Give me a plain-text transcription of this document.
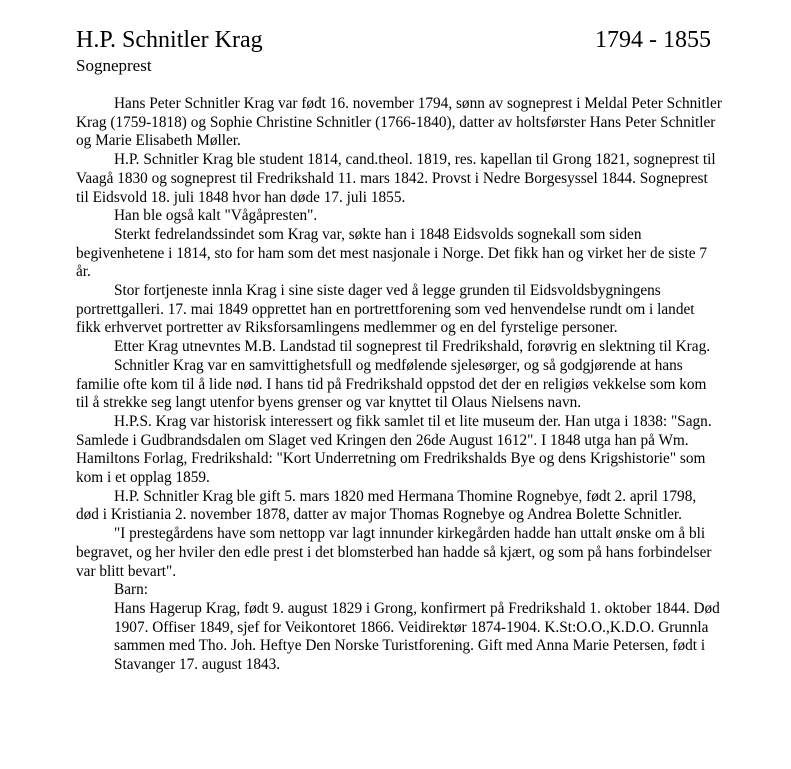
H.P. Schnitler Krag	1794 - 1855
Sogneprest

Hans Peter Schnitler Krag var født 16. november 1794, sønn av sogneprest i Meldal Peter Schnitler Krag (1759-1818) og Sophie Christine Schnitler (1766-1840), datter av holtsførster Hans Peter Schnitler og Marie Elisabeth Møller.

H.P. Schnitler Krag ble student 1814, cand.theol. 1819, res. kapellan til Grong 1821, sogneprest til Vaagå 1830 og sogneprest til Fredrikshald 11. mars 1842. Provst i Nedre Borgesyssel 1844. Sogneprest til Eidsvold 18. juli 1848 hvor han døde 17. juli 1855.

Han ble også kalt "Vågåpresten".

Sterkt fedrelandssindet som Krag var, søkte han i 1848 Eidsvolds sognekall som siden begivenhetene i 1814, sto for ham som det mest nasjonale i Norge. Det fikk han og virket her de siste 7 år.

Stor fortjeneste innla Krag i sine siste dager ved å legge grunden til Eidsvoldsbygningens portrettgalleri. 17. mai 1849 opprettet han en portrettforening som ved henvendelse rundt om i landet fikk erhvervet portretter av Riksforsamlingens medlemmer og en del fyrstelige personer.

Etter Krag utnevntes M.B. Landstad til sogneprest til Fredrikshald, forøvrig en slektning til Krag.

Schnitler Krag var en samvittighetsfull og medfølende sjelesørger, og så godgjørende at hans familie ofte kom til å lide nød. I hans tid på Fredrikshald oppstod det der en religiøs vekkelse som kom til å strekke seg langt utenfor byens grenser og var knyttet til Olaus Nielsens navn.

H.P.S. Krag var historisk interessert og fikk samlet til et lite museum der. Han utga i 1838: "Sagn. Samlede i Gudbrandsdalen om Slaget ved Kringen den 26de August 1612". I 1848 utga han på Wm. Hamiltons Forlag, Fredrikshald: "Kort Underretning om Fredrikshalds Bye og dens Krigshistorie" som kom i et opplag 1859.

H.P. Schnitler Krag ble gift 5. mars 1820 med Hermana Thomine Rognebye, født 2. april 1798, død i Kristiania 2. november 1878, datter av major Thomas Rognebye og Andrea Bolette Schnitler.

"I prestegårdens have som nettopp var lagt innunder kirkegården hadde han uttalt ønske om å bli begravet, og her hviler den edle prest i det blomsterbed han hadde så kjært, og som på hans forbindelser var blitt bevart".

Barn:

Hans Hagerup Krag, født 9. august 1829 i Grong, konfirmert på Fredrikshald 1. oktober 1844. Død 1907. Offiser 1849, sjef for Veikontoret 1866. Veidirektør 1874-1904. K.St:O.O.,K.D.O. Grunnla sammen med Tho. Joh. Heftye Den Norske Turistforening. Gift med Anna Marie Petersen, født i Stavanger 17. august 1843.
